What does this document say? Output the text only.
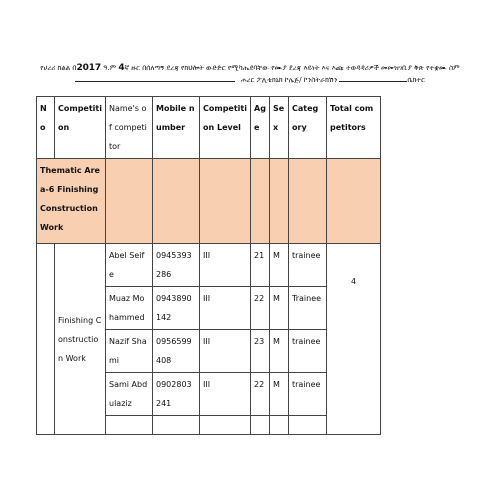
የሀረሪ ክልል በ2017 ዓ.ም 4ኛ ዙር በሰለጣኝ ደረጃ የክህሎት ውድድር የሚካሔደባቸው የሙያ ደረጃ እይነት እና እጩ ተወዳዳሪዎች መመዝገቢያ ቅጽ የተቋሙ ስም
ሐረር ፖሊቴክኒክ ኮሌጅ/ ኮንስትራክሽን	ሴክተር
No	Competition	Name's of competitor	Mobile number	Competition Level	Age	Sex	Category	Total competitors
Thematic Area-6 Finishing Construction Work								
	Finishing Construction Work	Abel Seife	0945393286	III	21	M	trainee	4
		Muaz Mohammed	0943890142	III	22	M	Trainee	
		Nazif Shami	0956599408	III	23	M	trainee	
		Sami Abdulaziz	0902803241	III	22	M	trainee	
